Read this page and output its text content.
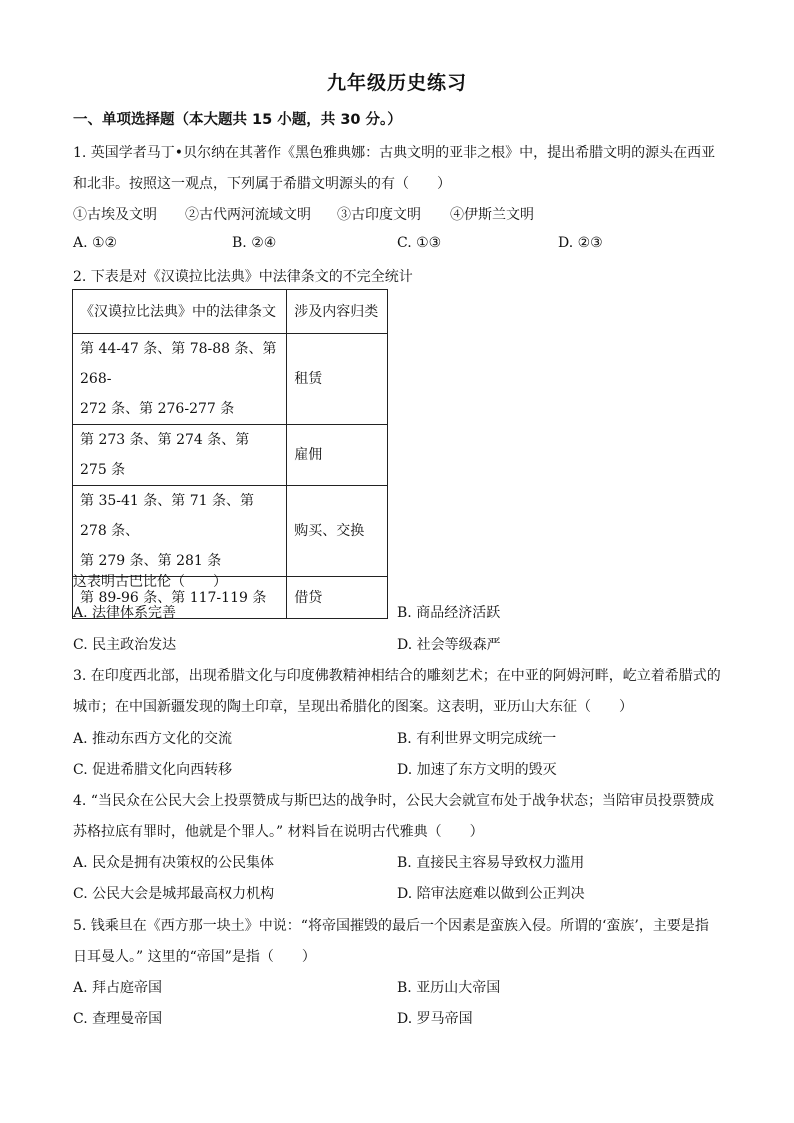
九年级历史练习
一、单项选择题（本大题共 15 小题，共 30 分。）
1. 英国学者马丁•贝尔纳在其著作《黑色雅典娜：古典文明的亚非之根》中，提出希腊文明的源头在西亚
和北非。按照这一观点，下列属于希腊文明源头的有（　　）
①古埃及文明 ②古代两河流域文明 ③古印度文明 ④伊斯兰文明
A. ①②	B. ②④	C. ①③	D. ②③
2. 下表是对《汉谟拉比法典》中法律条文的不完全统计
《汉谟拉比法典》中的法律条文	涉及内容归类

第 44-47 条、第 78-88 条、第 268-
272 条、第 276-277 条	租赁
第 273 条、第 274 条、第 275 条	雇佣

第 35-41 条、第 71 条、第 278 条、
第 279 条、第 281 条	购买、交换
第 89-96 条、第 117-119 条	借贷
这表明古巴比伦（　　）
A. 法律体系完善	B. 商品经济活跃
C. 民主政治发达	D. 社会等级森严
3. 在印度西北部，出现希腊文化与印度佛教精神相结合的雕刻艺术；在中亚的阿姆河畔，屹立着希腊式的
城市；在中国新疆发现的陶土印章，呈现出希腊化的图案。这表明，亚历山大东征（　　）
A. 推动东西方文化的交流	B. 有利世界文明完成统一
C. 促进希腊文化向西转移	D. 加速了东方文明的毁灭
4. “当民众在公民大会上投票赞成与斯巴达的战争时，公民大会就宣布处于战争状态；当陪审员投票赞成
苏格拉底有罪时，他就是个罪人。” 材料旨在说明古代雅典（　　）
A. 民众是拥有决策权的公民集体	B. 直接民主容易导致权力滥用
C. 公民大会是城邦最高权力机构	D. 陪审法庭难以做到公正判决
5. 钱乘旦在《西方那一块土》中说：“将帝国摧毁的最后一个因素是蛮族入侵。所谓的‘蛮族’，主要是指
日耳曼人。” 这里的“帝国”是指（　　）
A. 拜占庭帝国	B. 亚历山大帝国
C. 查理曼帝国	D. 罗马帝国
